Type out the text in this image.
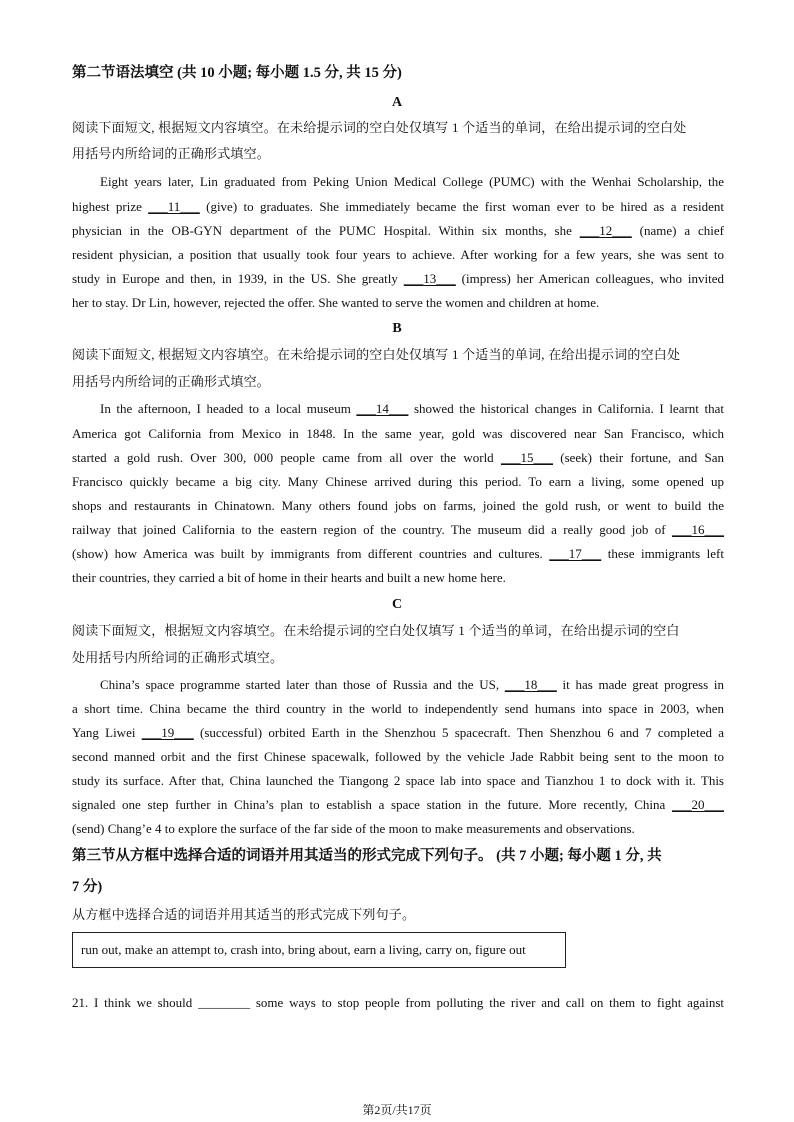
第二节语法填空 (共 10 小题; 每小题 1.5 分, 共 15 分)
A
阅读下面短文, 根据短文内容填空。在未给提示词的空白处仅填写 1 个适当的单词，在给出提示词的空白处
用括号内所给词的正确形式填空。
Eight years later, Lin graduated from Peking Union Medical College (PUMC) with the Wenhai Scholarship, the
highest prize ___11___ (give) to graduates. She immediately became the first woman ever to be hired as a resident
physician in the OB-GYN department of the PUMC Hospital. Within six months, she ___12___ (name) a chief
resident physician, a position that usually took four years to achieve. After working for a few years, she was sent to
study in Europe and then, in 1939, in the US. She greatly ___13___ (impress) her American colleagues, who invited
her to stay. Dr Lin, however, rejected the offer. She wanted to serve the women and children at home.
B
阅读下面短文, 根据短文内容填空。在未给提示词的空白处仅填写 1 个适当的单词, 在给出提示词的空白处
用括号内所给词的正确形式填空。
In the afternoon, I headed to a local museum ___14___ showed the historical changes in California. I learnt that
America got California from Mexico in 1848. In the same year, gold was discovered near San Francisco, which
started a gold rush. Over 300, 000 people came from all over the world ___15___ (seek) their fortune, and San
Francisco quickly became a big city. Many Chinese arrived during this period. To earn a living, some opened up
shops and restaurants in Chinatown. Many others found jobs on farms, joined the gold rush, or went to build the
railway that joined California to the eastern region of the country. The museum did a really good job of ___16___
(show) how America was built by immigrants from different countries and cultures. ___17___ these immigrants left
their countries, they carried a bit of home in their hearts and built a new home here.
C
阅读下面短文，根据短文内容填空。在未给提示词的空白处仅填写 1 个适当的单词，在给出提示词的空白
处用括号内所给词的正确形式填空。
China’s space programme started later than those of Russia and the US, ___18___ it has made great progress in
a short time. China became the third country in the world to independently send humans into space in 2003, when
Yang Liwei ___19___ (successful) orbited Earth in the Shenzhou 5 spacecraft. Then Shenzhou 6 and 7 completed a
second manned orbit and the first Chinese spacewalk, followed by the vehicle Jade Rabbit being sent to the moon to
study its surface. After that, China launched the Tiangong 2 space lab into space and Tianzhou 1 to dock with it. This
signaled one step further in China’s plan to establish a space station in the future. More recently, China ___20___
(send) Chang’e 4 to explore the surface of the far side of the moon to make measurements and observations.
第三节从方框中选择合适的词语并用其适当的形式完成下列句子。 (共 7 小题; 每小题 1 分, 共
7 分)
从方框中选择合适的词语并用其适当的形式完成下列句子。
run out, make an attempt to, crash into, bring about, earn a living, carry on, figure out
21. I think we should ________ some ways to stop people from polluting the river and call on them to fight against
第2页/共17页
